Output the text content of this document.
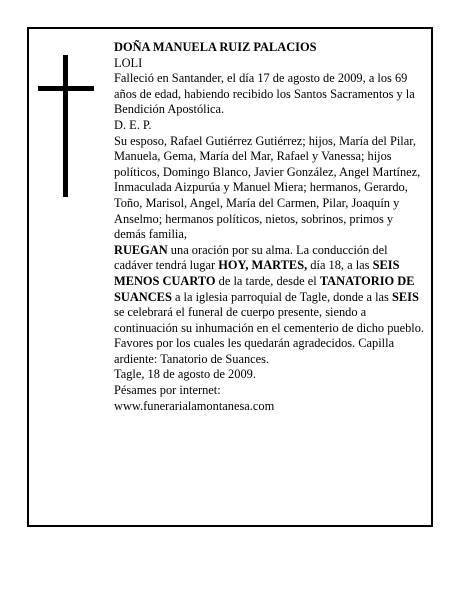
DOÑA MANUELA RUIZ PALACIOS

LOLI

Falleció en Santander, el día 17 de agosto de 2009, a los 69 años de edad, habiendo recibido los Santos Sacramentos y la Bendición Apostólica.

D. E. P.

Su esposo, Rafael Gutiérrez Gutiérrez; hijos, María del Pilar, Manuela, Gema, María del Mar, Rafael y Vanessa; hijos políticos, Domingo Blanco, Javier González, Angel Martínez, Inmaculada Aizpurúa y Manuel Miera; hermanos, Gerardo, Toño, Marisol, Angel, María del Carmen, Pilar, Joaquín y Anselmo; hermanos políticos, nietos, sobrinos, primos y demás familia,

RUEGAN una oración por su alma. La conducción del cadáver tendrá lugar HOY, MARTES, día 18, a las SEIS MENOS CUARTO de la tarde, desde el TANATORIO DE SUANCES a la iglesia parroquial de Tagle, donde a las SEIS se celebrará el funeral de cuerpo presente, siendo a continuación su inhumación en el cementerio de dicho pueblo. Favores por los cuales les quedarán agradecidos. Capilla ardiente: Tanatorio de Suances.

Tagle, 18 de agosto de 2009.

Pésames por internet:

www.funerarialamontanesa.com
